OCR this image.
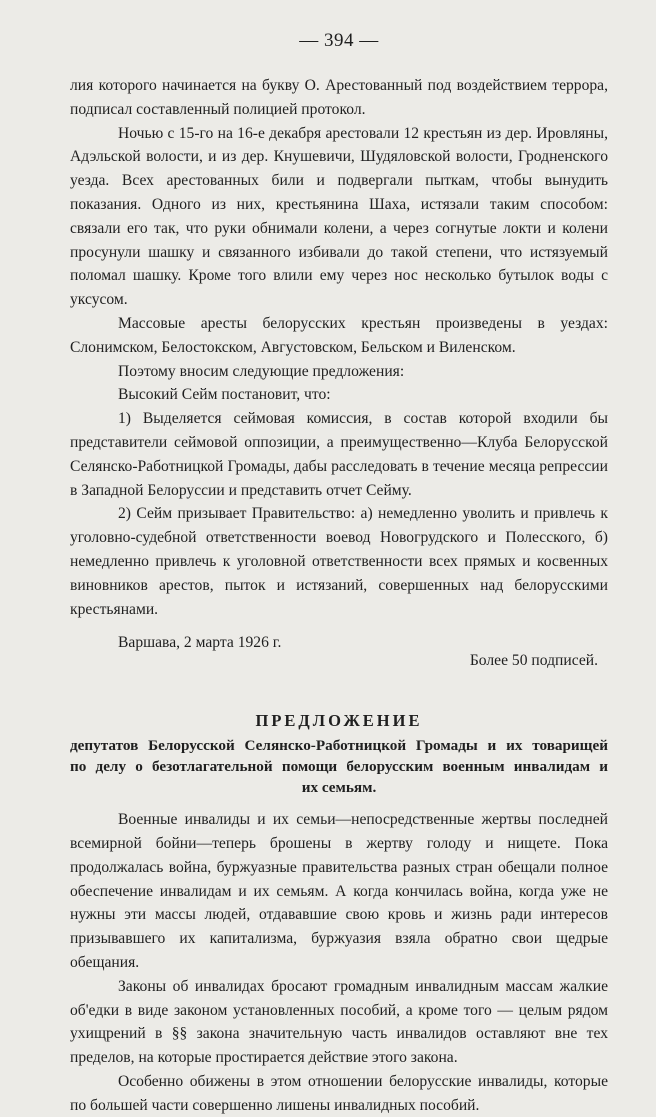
— 394 —

лия которого начинается на букву О. Арестованный под воздействием террора, подписал составленный полицией протокол.

Ночью с 15-го на 16-е декабря арестовали 12 крестьян из дер. Ировляны, Адэльской волости, и из дер. Кнушевичи, Шудяловской волости, Гродненского уезда. Всех арестованных били и подвергали пыткам, чтобы вынудить показания. Одного из них, крестьянина Шаха, истязали таким способом: связали его так, что руки обнимали колени, а через согнутые локти и колени просунули шашку и связанного избивали до такой степени, что истязуемый поломал шашку. Кроме того влили ему через нос несколько бутылок воды с уксусом.

Массовые аресты белорусских крестьян произведены в уездах: Слонимском, Белостокском, Августовском, Бельском и Виленском.

Поэтому вносим следующие предложения:

Высокий Сейм постановит, что:

1) Выделяется сеймовая комиссия, в состав которой входили бы представители сеймовой оппозиции, а преимущественно—Клуба Белорусской Селянско-Работницкой Громады, дабы расследовать в течение месяца репрессии в Западной Белоруссии и представить отчет Сейму.

2) Сейм призывает Правительство: а) немедленно уволить и привлечь к уголовно-судебной ответственности воевод Новогрудского и Полесского, б) немедленно привлечь к уголовной ответственности всех прямых и косвенных виновников арестов, пыток и истязаний, совершенных над белорусскими крестьянами.

Варшава, 2 марта 1926 г.
Более 50 подписей.
ПРЕДЛОЖЕНИЕ
депутатов Белорусской Селянско-Работницкой Громады и их товарищей
по делу о безотлагательной помощи белорусским военным инвалидам и
их семьям.

Военные инвалиды и их семьи—непосредственные жертвы последней всемирной бойни—теперь брошены в жертву голоду и нищете. Пока продолжалась война, буржуазные правительства разных стран обещали полное обеспечение инвалидам и их семьям. А когда кончилась война, когда уже не нужны эти массы людей, отдававшие свою кровь и жизнь ради интересов призывавшего их капитализма, буржуазия взяла обратно свои щедрые обещания.

Законы об инвалидах бросают громадным инвалидным массам жалкие об'едки в виде законом установленных пособий, а кроме того — целым рядом ухищрений в §§ закона значительную часть инвалидов оставляют вне тех пределов, на которые простирается действие этого закона.

Особенно обижены в этом отношении белорусские инвалиды, которые по большей части совершенно лишены инвалидных пособий.
